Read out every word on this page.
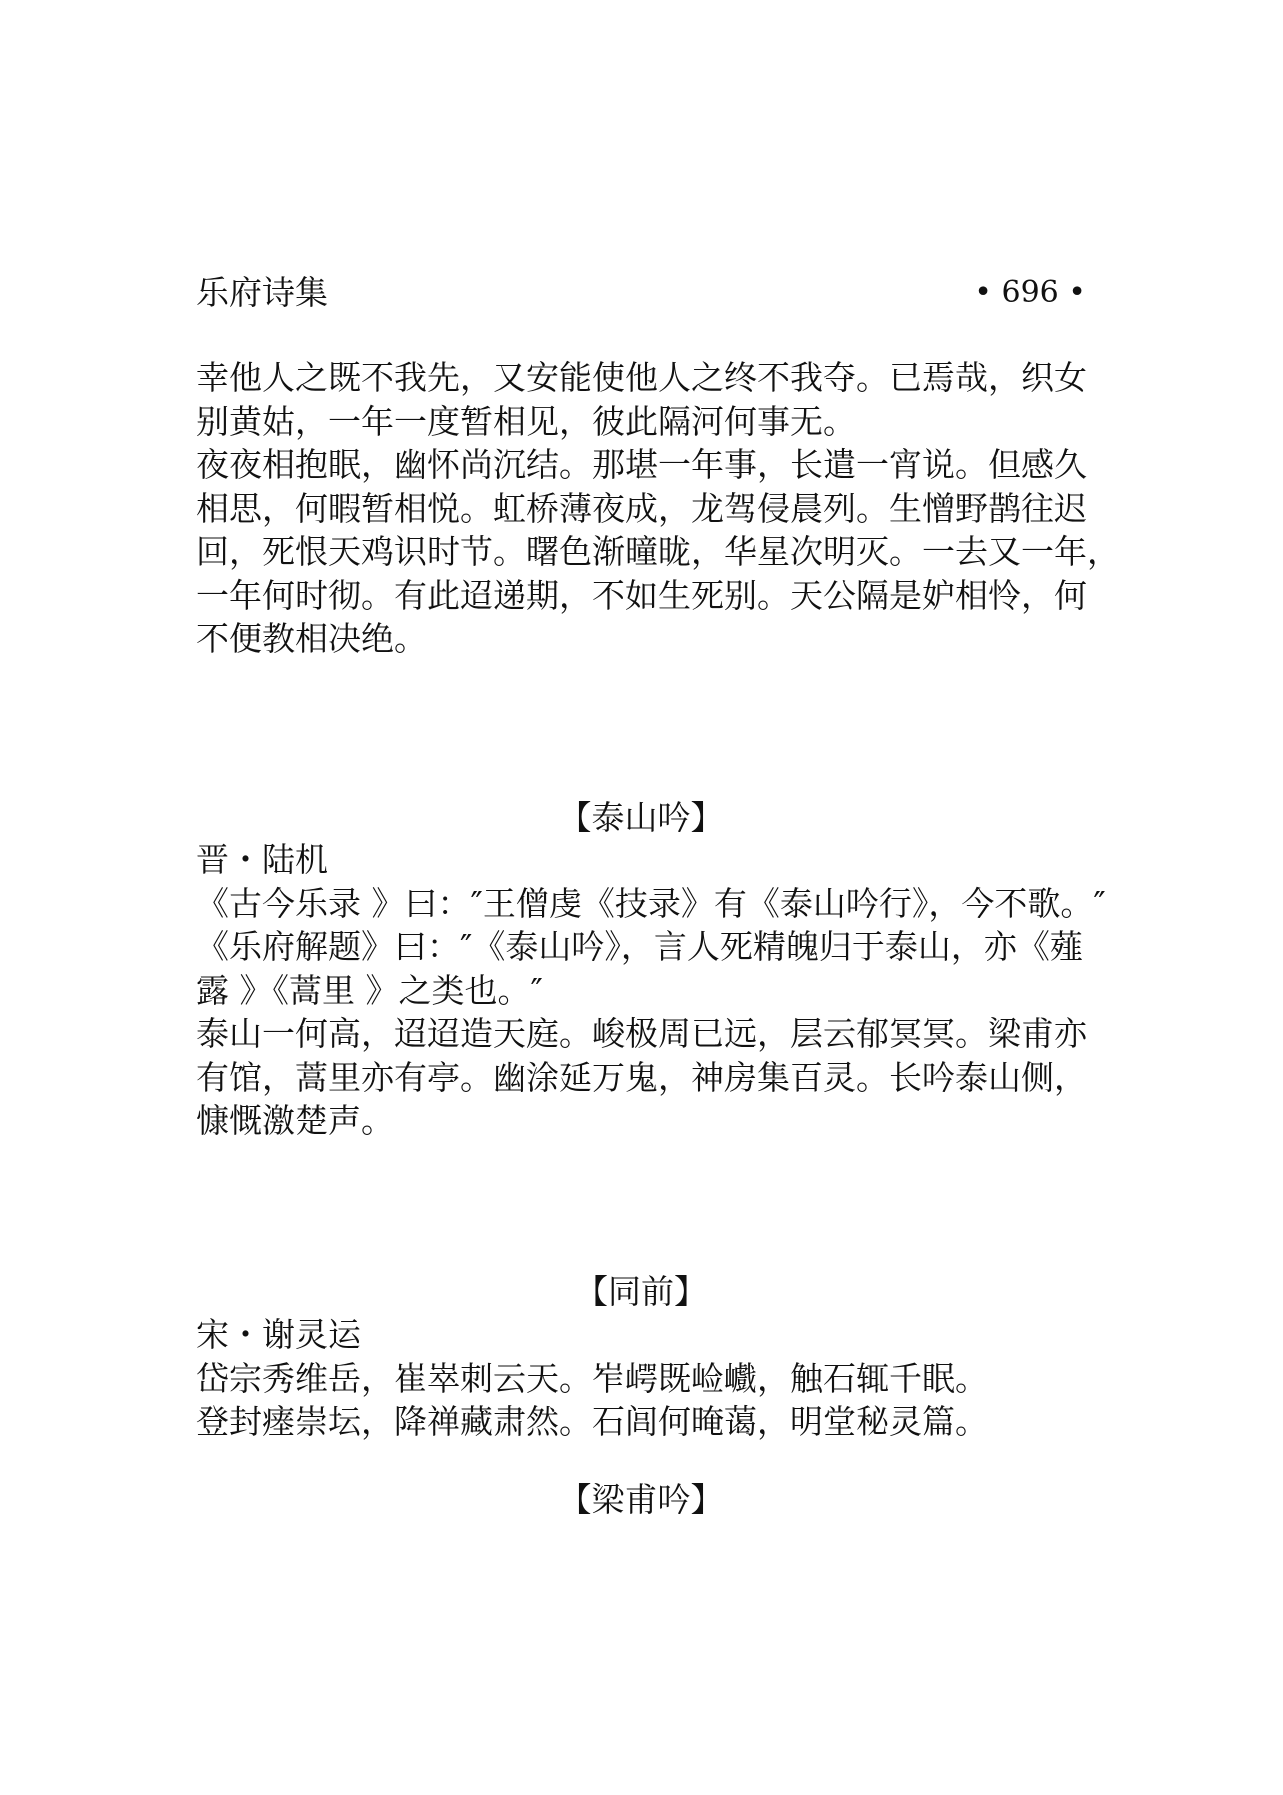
乐府诗集	• 696 •
幸他人之既不我先，又安能使他人之终不我夺。已焉哉，织女
别黄姑，一年一度暂相见，彼此隔河何事无。
夜夜相抱眠，幽怀尚沉结。那堪一年事，长遣一宵说。但感久
相思，何暇暂相悦。虹桥薄夜成，龙驾侵晨列。生憎野鹊往迟
回，死恨天鸡识时节。曙色渐曈昽，华星次明灭。一去又一年，
一年何时彻。有此迢递期，不如生死别。天公隔是妒相怜，何
不便教相决绝。
【泰山吟】
晋・陆机
《古今乐录 》曰：″王僧虔《技录》有《泰山吟行》，今不歌。″
《乐府解题》曰：″《泰山吟》，言人死精魄归于泰山，亦《薤
露 》《蒿里 》之类也。″
泰山一何高，迢迢造天庭。峻极周已远，层云郁冥冥。梁甫亦
有馆，蒿里亦有亭。幽涂延万鬼，神房集百灵。长吟泰山侧，
慷慨激楚声。
【同前】
宋・谢灵运
岱宗秀维岳，崔崒刺云天。岝崿既崄巇，触石辄千眠。
登封瘗崇坛，降禅藏肃然。石闾何晻蔼，明堂秘灵篇。
【梁甫吟】
